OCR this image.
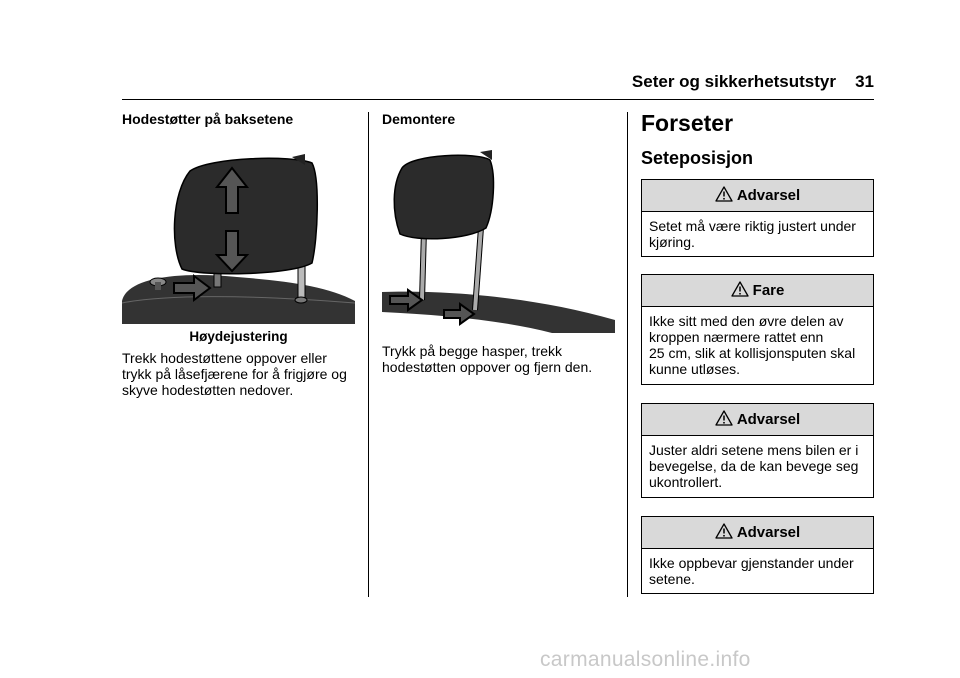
Seter og sikkerhetsutstyr	31
Hodestøtter på baksetene
Høydejustering
Trekk hodestøttene oppover eller
trykk på låsefjærene for å frigjøre og
skyve hodestøtten nedover.
Demontere
Trykk på begge hasper, trekk
hodestøtten oppover og fjern den.
Forseter
Seteposisjon
Advarsel
Setet må være riktig justert under
kjøring.
Fare
Ikke sitt med den øvre delen av
kroppen nærmere rattet enn
25 cm, slik at kollisjonsputen skal
kunne utløses.
Advarsel
Juster aldri setene mens bilen er i
bevegelse, da de kan bevege seg
ukontrollert.
Advarsel
Ikke oppbevar gjenstander under
setene.
carmanualsonline.info
